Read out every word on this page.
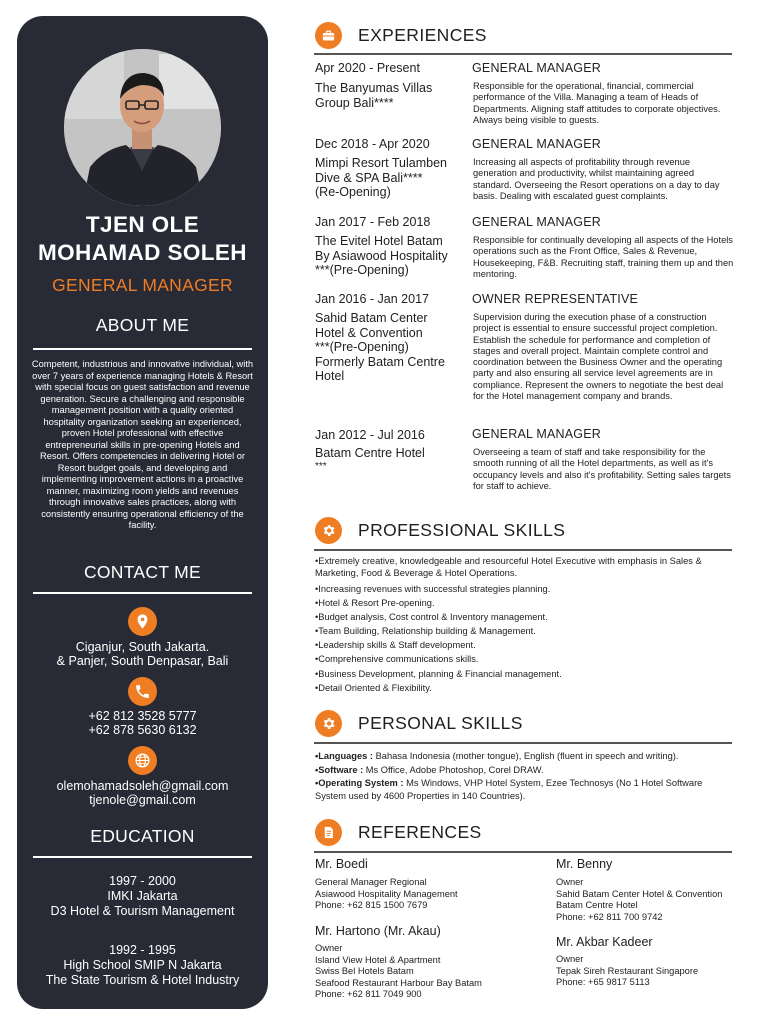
TJEN OLE
MOHAMAD SOLEH
GENERAL MANAGER
ABOUT ME
Competent, industrious and innovative individual, with over 7 years of experience managing Hotels & Resort with special focus on guest satisfaction and revenue generation. Secure a challenging and responsible management position with a quality oriented hospitality organization seeking an experienced, proven Hotel professional with effective entrepreneurial skills in pre-opening Hotels and Resort. Offers competencies in delivering Hotel or Resort budget goals, and developing and implementing improvement actions in a proactive manner, maximizing room yields and revenues through innovative sales practices, along with consistently ensuring operational efficiency of the facility.
CONTACT ME
Ciganjur, South Jakarta.
& Panjer, South Denpasar, Bali
+62 812 3528 5777
+62 878 5630 6132
olemohamadsoleh@gmail.com
tjenole@gmail.com
EDUCATION
1997 - 2000
IMKI Jakarta
D3 Hotel & Tourism Management
1992 - 1995
High School SMIP N Jakarta
The State Tourism & Hotel Industry
EXPERIENCES
Apr 2020 - Present
The Banyumas Villas
Group Bali****
GENERAL MANAGER
Responsible for the operational, financial, commercial performance of the Villa. Managing a team of Heads of Departments. Aligning staff attitudes to corporate objectives. Always being visible to guests.
Dec 2018 - Apr 2020
Mimpi Resort Tulamben
Dive & SPA Bali****
(Re-Opening)
GENERAL MANAGER
Increasing all aspects of profitability through revenue generation and productivity, whilst maintaining agreed standard. Overseeing the Resort operations on a day to day basis. Dealing with escalated guest complaints.
Jan 2017 - Feb 2018
The Evitel Hotel Batam
By Asiawood Hospitality
***(Pre-Opening)
GENERAL MANAGER
Responsible for continually developing all aspects of the Hotels operations such as the Front Office, Sales & Revenue, Housekeeping, F&B. Recruiting staff, training them up and then mentoring.
Jan 2016 - Jan 2017
Sahid Batam Center
Hotel & Convention
***(Pre-Opening)
Formerly Batam Centre
Hotel
OWNER REPRESENTATIVE
Supervision during the execution phase of a construction project is essential to ensure successful project completion. Establish the schedule for performance and completion of stages and overall project. Maintain complete control and coordination between the Business Owner and the operating party and also ensuring all service level agreements are in compliance. Represent the owners to negotiate the best deal for the Hotel management company and brands.
Jan 2012 - Jul 2016
Batam Centre Hotel
***
GENERAL MANAGER
Overseeing a team of staff and take responsibility for the smooth running of all the Hotel departments, as well as it's occupancy levels and also it's profitability. Setting sales targets for staff to achieve.
PROFESSIONAL SKILLS
•Extremely creative, knowledgeable and resourceful Hotel Executive with emphasis in Sales & Marketing, Food & Beverage & Hotel Operations.
•Increasing revenues with successful strategies planning.
•Hotel & Resort Pre-opening.
•Budget analysis, Cost control & Inventory management.
•Team Building, Relationship building & Management.
•Leadership skills & Staff development.
•Comprehensive communications skills.
•Business Development, planning & Financial management.
•Detail Oriented & Flexibility.
PERSONAL SKILLS
•Languages : Bahasa Indonesia (mother tongue), English (fluent in speech and writing).
•Software : Ms Office, Adobe Photoshop, Corel DRAW.
•Operating System : Ms Windows, VHP Hotel System, Ezee Technosys (No 1 Hotel Software System used by 4600 Properties in 140 Countries).
REFERENCES
Mr. Boedi
General Manager Regional
Asiawood Hospitality Management
Phone: +62 815 1500 7679
Mr. Hartono (Mr. Akau)
Owner
Island View Hotel & Apartment
Swiss Bel Hotels Batam
Seafood Restaurant Harbour Bay Batam
Phone: +62 811 7049 900
Mr. Benny
Owner
Sahid Batam Center Hotel & Convention
Batam Centre Hotel
Phone: +62 811 700 9742
Mr. Akbar Kadeer
Owner
Tepak Sireh Restaurant Singapore
Phone: +65 9817 5113
